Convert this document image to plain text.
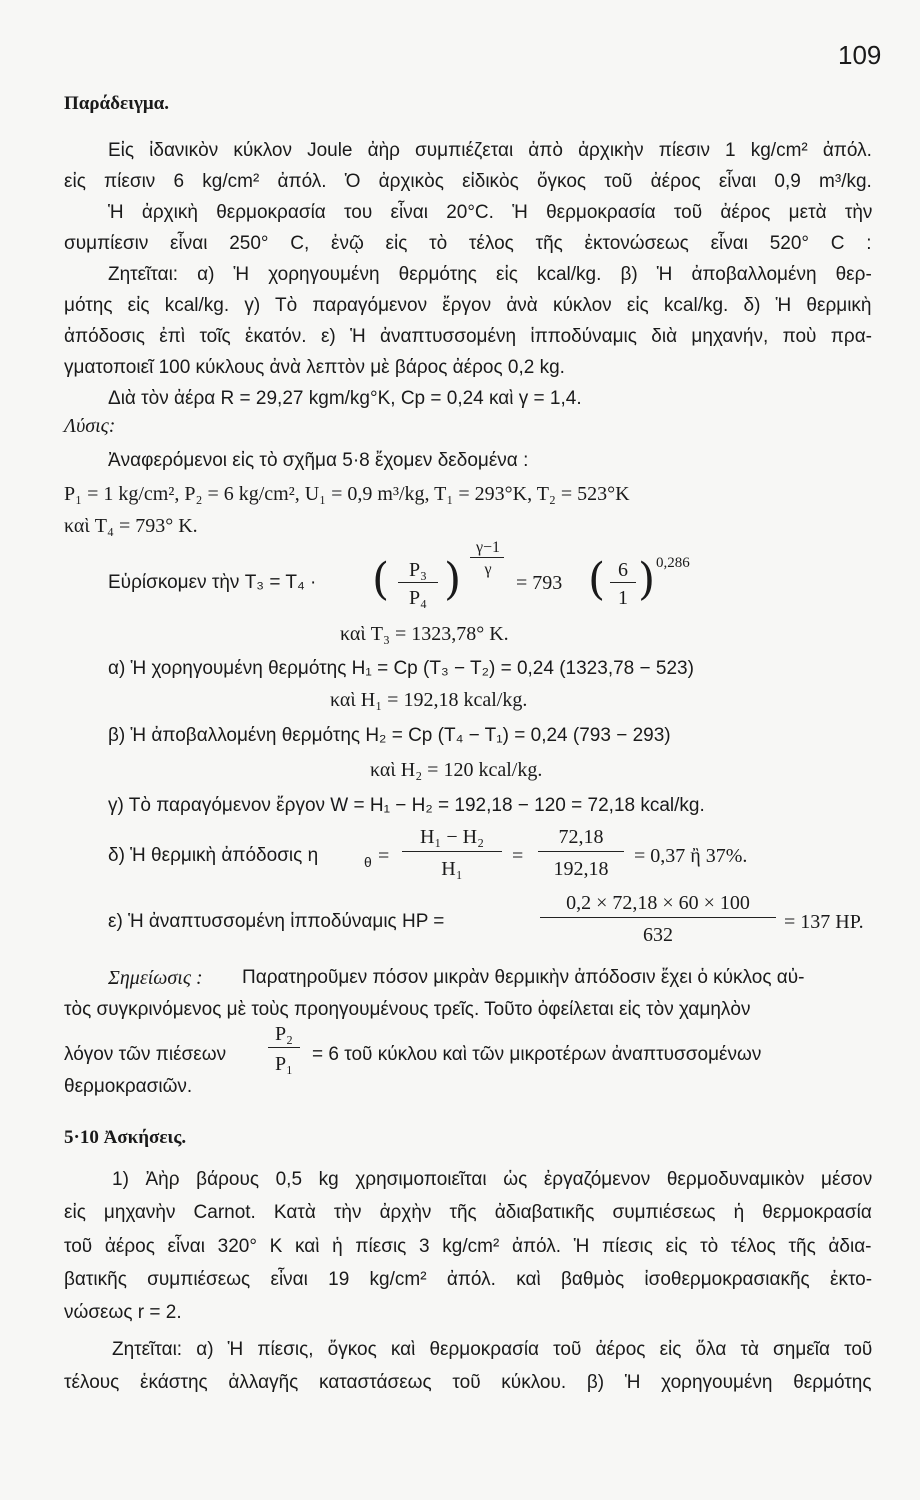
109
Παράδειγμα.
Εἰς ἰδανικὸν κύκλον Joule ἀὴρ συμπιέζεται ἀπὸ ἀρχικὴν πίεσιν 1 kg/cm² ἀπόλ.
εἰς πίεσιν 6 kg/cm² ἀπόλ. Ὁ ἀρχικὸς εἰδικὸς ὄγκος τοῦ ἀέρος εἶναι 0,9 m³/kg.
Ἡ ἀρχικὴ θερμοκρασία του εἶναι 20°C. Ἡ θερμοκρασία τοῦ ἀέρος μετὰ τὴν
συμπίεσιν εἶναι 250° C, ἐνῷ εἰς τὸ τέλος τῆς ἐκτονώσεως εἶναι 520° C :
Ζητεῖται: α) Ἡ χορηγουμένη θερμότης εἰς kcal/kg. β) Ἡ ἀποβαλλομένη θερ-
μότης εἰς kcal/kg. γ) Τὸ παραγόμενον ἔργον ἀνὰ κύκλον εἰς kcal/kg. δ) Ἡ θερμικὴ
ἀπόδοσις ἐπὶ τοῖς ἑκατόν. ε) Ἡ ἀναπτυσσομένη ἱπποδύναμις διὰ μηχανήν, ποὺ πρα-
γματοποιεῖ 100 κύκλους ἀνὰ λεπτὸν μὲ βάρος ἀέρος 0,2 kg.
Διὰ τὸν ἀέρα R = 29,27 kgm/kg°K, Cp = 0,24 καὶ γ = 1,4.
Λύσις:
Ἀναφερόμενοι εἰς τὸ σχῆμα 5·8 ἔχομεν δεδομένα :
P₁ = 1 kg/cm², P₂ = 6 kg/cm², U₁ = 0,9 m³/kg, T₁ = 293°K, T₂ = 523°K
καὶ T₄ = 793° K.
Εὑρίσκομεν τὴν T₃ = T₄ · ( P₃
P₄ )
γ−1
γ
= 793 ( 6
1 ) 0,286
καὶ T₃ = 1323,78° K.
α) Ἡ χορηγουμένη θερμότης H₁ = Cp (T₃ − T₂) = 0,24 (1323,78 − 523)
καὶ H₁ = 192,18 kcal/kg.
β) Ἡ ἀποβαλλομένη θερμότης H₂ = Cp (T₄ − T₁) = 0,24 (793 − 293)
καὶ H₂ = 120 kcal/kg.
γ) Τὸ παραγόμενον ἔργον W = H₁ − H₂ = 192,18 − 120 = 72,18 kcal/kg.
δ) Ἡ θερμικὴ ἀπόδοσις η	θ =
H₁ − H₂
H₁
=
72,18
192,18
= 0,37 ἢ 37%.
ε) Ἡ ἀναπτυσσομένη ἱπποδύναμις HP =
0,2 × 72,18 × 60 × 100
632
= 137 HP.
Σημείωσις : Παρατηροῦμεν πόσον μικρὰν θερμικὴν ἀπόδοσιν ἔχει ὁ κύκλος αὐ-
τὸς συγκρινόμενος μὲ τοὺς προηγουμένους τρεῖς. Τοῦτο ὀφείλεται εἰς τὸν χαμηλὸν
λόγον τῶν πιέσεων
P₂
P₁ = 6 τοῦ κύκλου καὶ τῶν μικροτέρων ἀναπτυσσομένων
θερμοκρασιῶν.
5·10 Ἀσκήσεις.
1) Ἀὴρ βάρους 0,5 kg χρησιμοποιεῖται ὡς ἐργαζόμενον θερμοδυναμικὸν μέσον
εἰς μηχανὴν Carnot. Κατὰ τὴν ἀρχὴν τῆς ἀδιαβατικῆς συμπιέσεως ἡ θερμοκρασία
τοῦ ἀέρος εἶναι 320° K καὶ ἡ πίεσις 3 kg/cm² ἀπόλ. Ἡ πίεσις εἰς τὸ τέλος τῆς ἀδια-
βατικῆς συμπιέσεως εἶναι 19 kg/cm² ἀπόλ. καὶ βαθμὸς ἰσοθερμοκρασιακῆς ἐκτο-
νώσεως r = 2.
Ζητεῖται: α) Ἡ πίεσις, ὄγκος καὶ θερμοκρασία τοῦ ἀέρος εἰς ὅλα τὰ σημεῖα τοῦ
τέλους ἑκάστης ἀλλαγῆς καταστάσεως τοῦ κύκλου. β) Ἡ χορηγουμένη θερμότης
